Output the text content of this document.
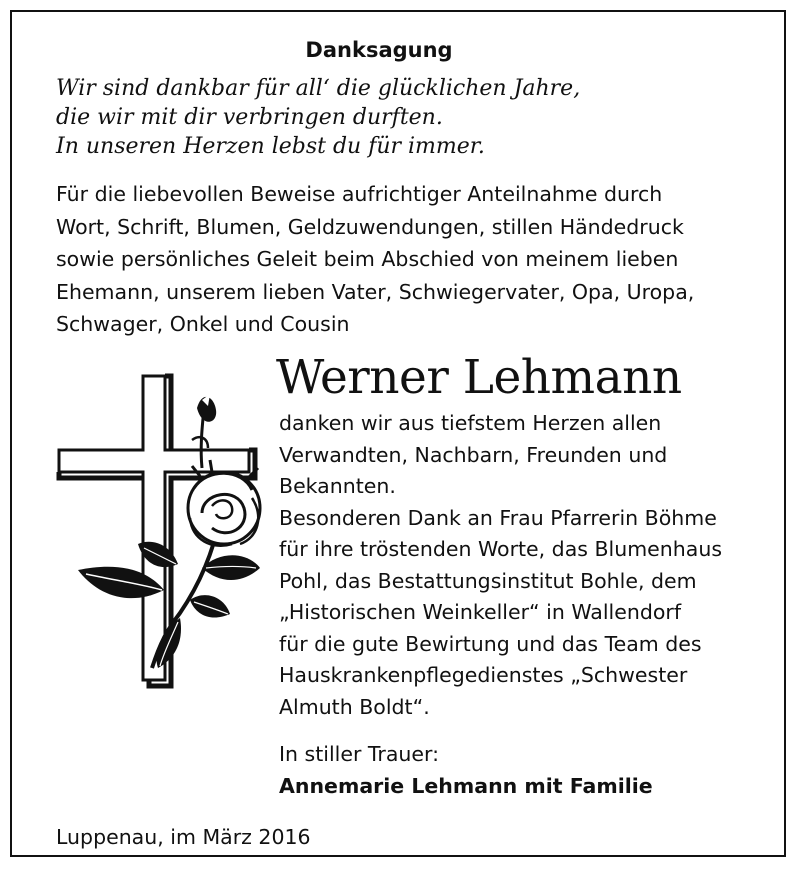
Danksagung
Wir sind dankbar für all‘ die glücklichen Jahre,
die wir mit dir verbringen durften.
In unseren Herzen lebst du für immer.
Für die liebevollen Beweise aufrichtiger Anteilnahme durch
Wort, Schrift, Blumen, Geldzuwendungen, stillen Händedruck
sowie persönliches Geleit beim Abschied von meinem lieben
Ehemann, unserem lieben Vater, Schwiegervater, Opa, Uropa,
Schwager, Onkel und Cousin
Werner Lehmann
danken wir aus tiefstem Herzen allen
Verwandten, Nachbarn, Freunden und
Bekannten.
Besonderen Dank an Frau Pfarrerin Böhme
für ihre tröstenden Worte, das Blumenhaus
Pohl, das Bestattungsinstitut Bohle, dem
„Historischen Weinkeller“ in Wallendorf
für die gute Bewirtung und das Team des
Hauskrankenpflegedienstes „Schwester
Almuth Boldt“.
In stiller Trauer:
Annemarie Lehmann mit Familie
Luppenau, im März 2016
